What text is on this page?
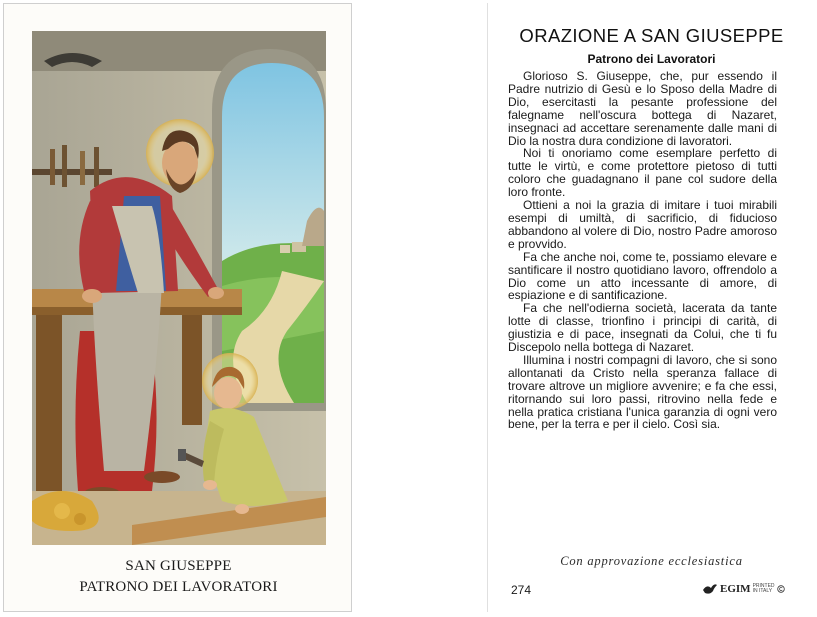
SAN GIUSEPPE
PATRONO DEI LAVORATORI
ORAZIONE A SAN GIUSEPPE
Patrono dei Lavoratori

Glorioso S. Giuseppe, che, pur essendo il Padre nutrizio di Gesù e lo Sposo della Madre di Dio, esercitasti la pesante professione del falegname nell'oscura bottega di Nazaret, insegnaci ad accettare serenamente dalle mani di Dio la nostra dura condizione di lavoratori.

Noi ti onoriamo come esemplare perfetto di tutte le virtù, e come protettore pietoso di tutti coloro che guadagnano il pane col sudore della loro fronte.

Ottieni a noi la grazia di imitare i tuoi mirabili esempi di umiltà, di sacrificio, di fiducioso abbandono al volere di Dio, nostro Padre amoroso e provvido.

Fa che anche noi, come te, possiamo elevare e santificare il nostro quotidiano lavoro, offrendolo a Dio come un atto incessante di amore, di espiazione e di santificazione.

Fa che nell'odierna società, lacerata da tante lotte di classe, trionfino i principi di carità, di giustizia e di pace, insegnati da Colui, che ti fu Discepolo nella bottega di Nazaret.

Illumina i nostri compagni di lavoro, che si sono allontanati da Cristo nella speranza fallace di trovare altrove un migliore avvenire; e fa che essi, ritornando sui loro passi, ritrovino nella fede e nella pratica cristiana l'unica garanzia di ogni vero bene, per la terra e per il cielo. Così sia.

Con approvazione ecclesiastica
274	EGIM PRINTED IN ITALY
